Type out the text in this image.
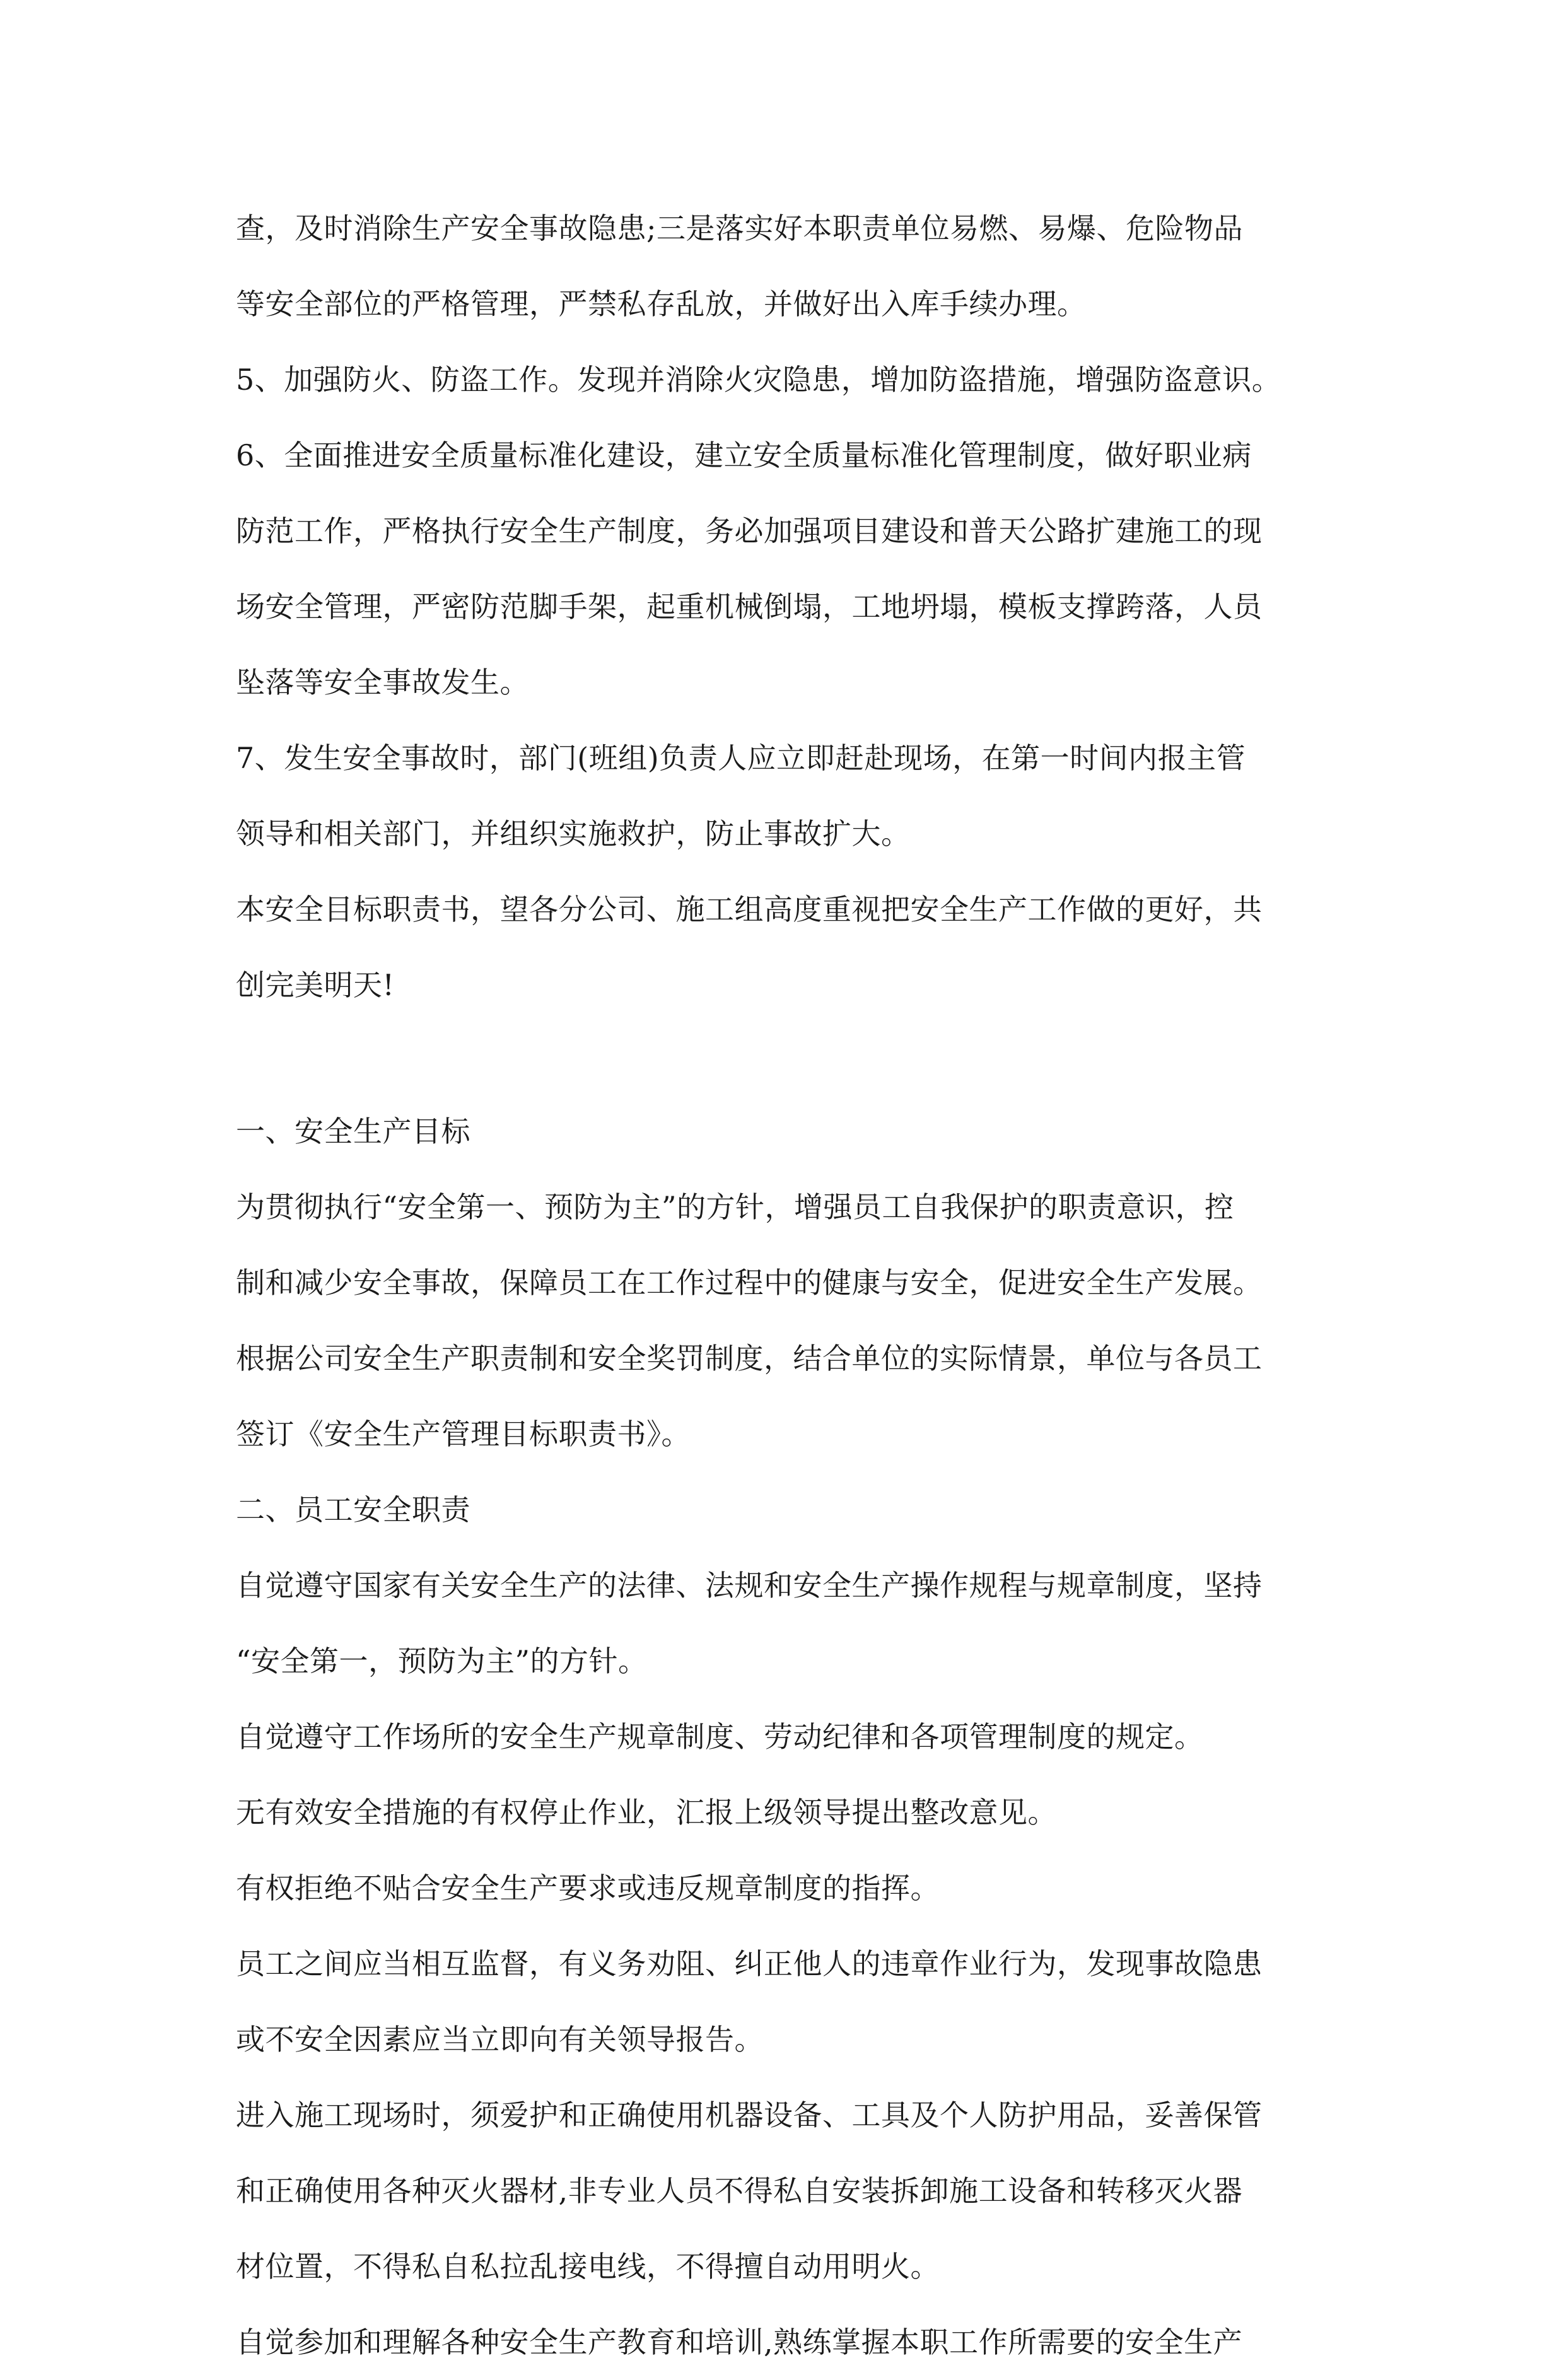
查，及时消除生产安全事故隐患;三是落实好本职责单位易燃、易爆、危险物品
等安全部位的严格管理，严禁私存乱放，并做好出入库手续办理。
5、加强防火、防盗工作。发现并消除火灾隐患，增加防盗措施，增强防盗意识。
6、全面推进安全质量标准化建设，建立安全质量标准化管理制度，做好职业病
防范工作，严格执行安全生产制度，务必加强项目建设和普天公路扩建施工的现
场安全管理，严密防范脚手架，起重机械倒塌，工地坍塌，模板支撑跨落，人员
坠落等安全事故发生。
7、发生安全事故时，部门(班组)负责人应立即赶赴现场，在第一时间内报主管
领导和相关部门，并组织实施救护，防止事故扩大。
本安全目标职责书，望各分公司、施工组高度重视把安全生产工作做的更好，共
创完美明天!
一、安全生产目标
为贯彻执行“安全第一、预防为主”的方针，增强员工自我保护的职责意识，控
制和减少安全事故，保障员工在工作过程中的健康与安全，促进安全生产发展。
根据公司安全生产职责制和安全奖罚制度，结合单位的实际情景，单位与各员工
签订《安全生产管理目标职责书》。
二、员工安全职责
自觉遵守国家有关安全生产的法律、法规和安全生产操作规程与规章制度，坚持
“安全第一，预防为主”的方针。
自觉遵守工作场所的安全生产规章制度、劳动纪律和各项管理制度的规定。
无有效安全措施的有权停止作业，汇报上级领导提出整改意见。
有权拒绝不贴合安全生产要求或违反规章制度的指挥。
员工之间应当相互监督，有义务劝阻、纠正他人的违章作业行为，发现事故隐患
或不安全因素应当立即向有关领导报告。
进入施工现场时，须爱护和正确使用机器设备、工具及个人防护用品，妥善保管
和正确使用各种灭火器材,非专业人员不得私自安装拆卸施工设备和转移灭火器
材位置，不得私自私拉乱接电线，不得擅自动用明火。
自觉参加和理解各种安全生产教育和培训,熟练掌握本职工作所需要的安全生产
